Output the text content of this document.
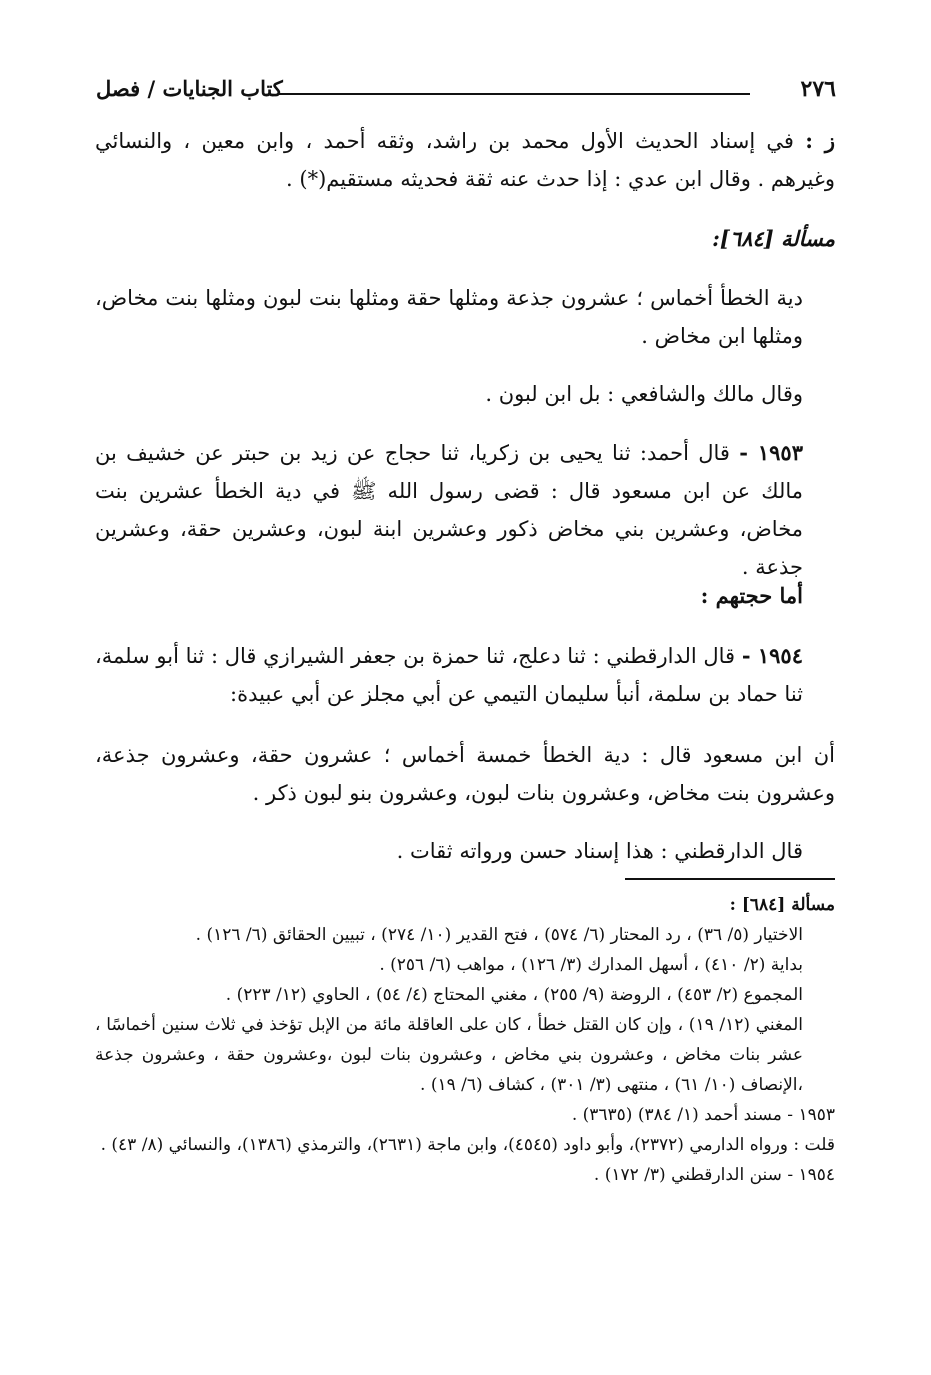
٢٧٦
كتاب الجنايات / فصل

ز : في إسناد الحديث الأول محمد بن راشد، وثقه أحمد ، وابن معين ، والنسائي وغيرهم . وقال ابن عدي : إذا حدث عنه ثقة فحديثه مستقيم(*) .

مسألة [٦٨٤]:

دية الخطأ أخماس ؛ عشرون جذعة ومثلها حقة ومثلها بنت لبون ومثلها بنت مخاض، ومثلها ابن مخاض .

وقال مالك والشافعي : بل ابن لبون .

١٩٥٣ - قال أحمد: ثنا يحيى بن زكريا، ثنا حجاج عن زيد بن حبتر عن خشيف بن مالك عن ابن مسعود قال : قضى رسول الله ﷺ في دية الخطأ عشرين بنت مخاض، وعشرين بني مخاض ذكور وعشرين ابنة لبون، وعشرين حقة، وعشرين جذعة .

أما حجتهم :

١٩٥٤ - قال الدارقطني : ثنا دعلج، ثنا حمزة بن جعفر الشيرازي قال : ثنا أبو سلمة، ثنا حماد بن سلمة، أنبأ سليمان التيمي عن أبي مجلز عن أبي عبيدة:

أن ابن مسعود قال : دية الخطأ خمسة أخماس ؛ عشرون حقة، وعشرون جذعة، وعشرون بنت مخاض، وعشرون بنات لبون، وعشرون بنو لبون ذكر .

قال الدارقطني : هذا إسناد حسن ورواته ثقات .

مسألة [٦٨٤] :

الاختيار (٥/ ٣٦) ، رد المحتار (٦/ ٥٧٤) ، فتح القدير (١٠/ ٢٧٤) ، تبيين الحقائق (٦/ ١٢٦) .

بداية (٢/ ٤١٠) ، أسهل المدارك (٣/ ١٢٦) ، مواهب (٦/ ٢٥٦) .

المجموع (٢/ ٤٥٣) ، الروضة (٩/ ٢٥٥) ، مغني المحتاج (٤/ ٥٤) ، الحاوي (١٢/ ٢٢٣) .

المغني (١٢/ ١٩) ، وإن كان القتل خطأ ، كان على العاقلة مائة من الإبل تؤخذ في ثلاث سنين أخماسًا ، عشر بنات مخاض ، وعشرون بني مخاض ، وعشرون بنات لبون ،وعشرون حقة ، وعشرون جذعة ،الإنصاف (١٠/ ٦١) ، منتهى (٣/ ٣٠١) ، كشاف (٦/ ١٩) .

١٩٥٣ - مسند أحمد (١/ ٣٨٤) (٣٦٣٥) .

قلت : ورواه الدارمي (٢٣٧٢)، وأبو داود (٤٥٤٥)، وابن ماجة (٢٦٣١)، والترمذي (١٣٨٦)، والنسائي (٨/ ٤٣) .

١٩٥٤ - سنن الدارقطني (٣/ ١٧٢) .
